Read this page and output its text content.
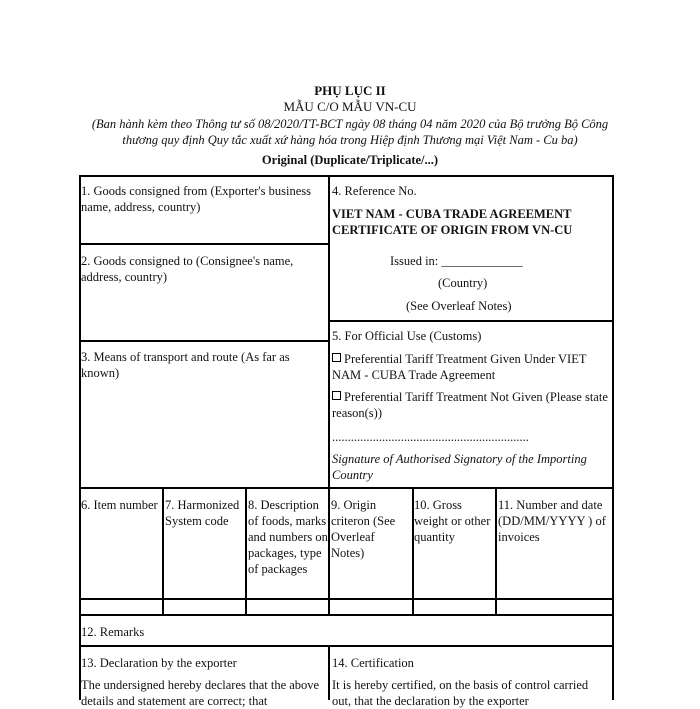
PHỤ LỤC II
MẪU C/O MẪU VN-CU
(Ban hành kèm theo Thông tư số 08/2020/TT-BCT ngày 08 tháng 04 năm 2020 của Bộ trưởng Bộ Công thương quy định Quy tắc xuất xứ hàng hóa trong Hiệp định Thương mại Việt Nam - Cu ba)
Original (Duplicate/Triplicate/...)
1. Goods consigned from (Exporter's business name, address, country)
2. Goods consigned to (Consignee's name, address, country)
3. Means of transport and route (As far as known)
4. Reference No.
VIET NAM - CUBA TRADE AGREEMENT
CERTIFICATE OF ORIGIN FROM VN-CU
Issued in: _____________
(Country)
(See Overleaf Notes)
5. For Official Use (Customs)
Preferential Tariff Treatment Given Under VIET NAM - CUBA Trade Agreement
Preferential Tariff Treatment Not Given (Please state reason(s))
...............................................................
Signature of Authorised Signatory of the Importing Country
6. Item number 7. Harmonized System code
8. Description of foods, marks and numbers on packages, type of packages
9. Origin criteron (See Overleaf Notes)
10. Gross weight or other quantity
11. Number and date (DD/MM/YYYY ) of invoices
12. Remarks
13. Declaration by the exporter
The undersigned hereby declares that the above details and statement are correct; that
14. Certification
It is hereby certified, on the basis of control carried out, that the declaration by the exporter
